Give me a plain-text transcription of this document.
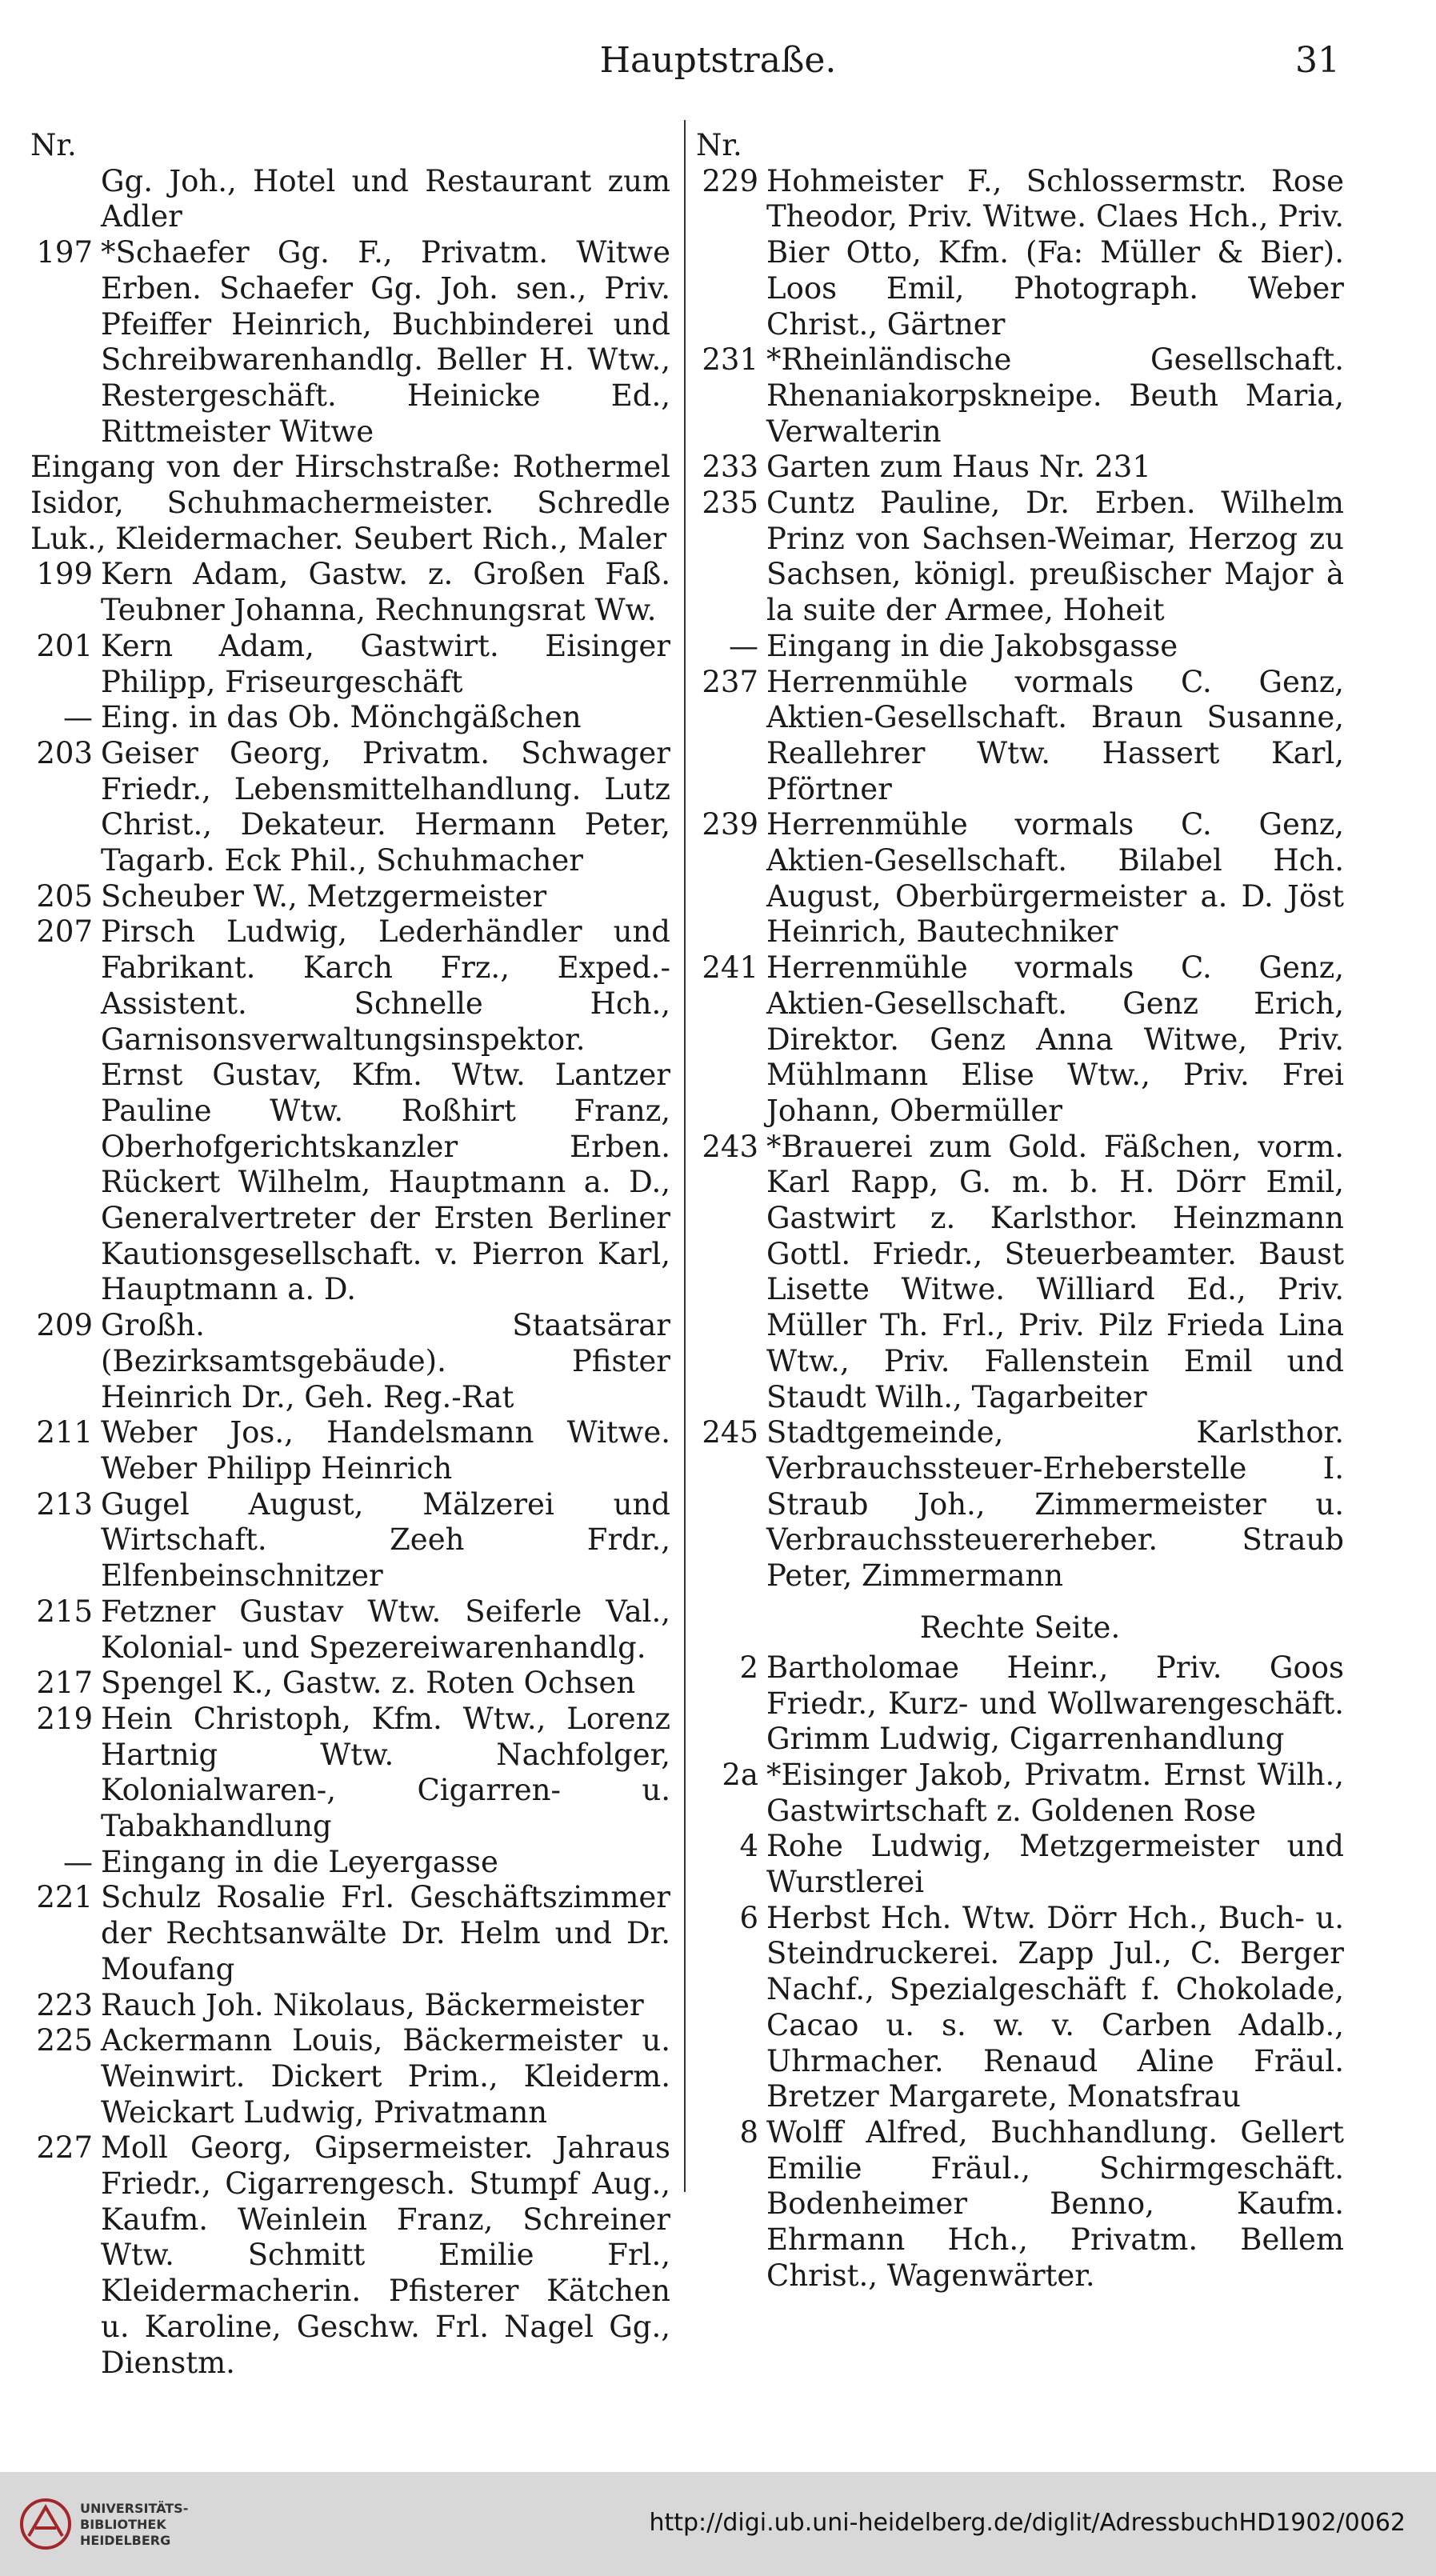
Hauptstraße.	31
Nr.
Gg. Joh., Hotel und Restaurant zum Adler
197 *Schaefer Gg. F., Privatm. Witwe Erben. Schaefer Gg. Joh. sen., Priv. Pfeiffer Heinrich, Buchbinderei und Schreibwarenhandlg. Beller H. Wtw., Restergeschäft. Heinicke Ed., Rittmeister Witwe
Eingang von der Hirschstraße: Rothermel Isidor, Schuhmachermeister. Schredle Luk., Kleidermacher. Seubert Rich., Maler
199 Kern Adam, Gastw. z. Großen Faß. Teubner Johanna, Rechnungsrat Ww.
201 Kern Adam, Gastwirt. Eisinger Philipp, Friseurgeschäft
— Eing. in das Ob. Mönchgäßchen
203 Geiser Georg, Privatm. Schwager Friedr., Lebensmittelhandlung. Lutz Christ., Dekateur. Hermann Peter, Tagarb. Eck Phil., Schuhmacher
205 Scheuber W., Metzgermeister
207 Pirsch Ludwig, Lederhändler und Fabrikant. Karch Frz., Exped.-Assistent. Schnelle Hch., Garnisonsverwaltungsinspektor. Ernst Gustav, Kfm. Wtw. Lantzer Pauline Wtw. Roßhirt Franz, Oberhofgerichtskanzler Erben. Rückert Wilhelm, Hauptmann a. D., Generalvertreter der Ersten Berliner Kautionsgesellschaft. v. Pierron Karl, Hauptmann a. D.
209 Großh. Staatsärar (Bezirksamtsgebäude). Pfister Heinrich Dr., Geh. Reg.-Rat
211 Weber Jos., Handelsmann Witwe. Weber Philipp Heinrich
213 Gugel August, Mälzerei und Wirtschaft. Zeeh Frdr., Elfenbeinschnitzer
215 Fetzner Gustav Wtw. Seiferle Val., Kolonial- und Spezereiwarenhandlg.
217 Spengel K., Gastw. z. Roten Ochsen
219 Hein Christoph, Kfm. Wtw., Lorenz Hartnig Wtw. Nachfolger, Kolonialwaren-, Cigarren- u. Tabakhandlung
— Eingang in die Leyergasse
221 Schulz Rosalie Frl. Geschäftszimmer der Rechtsanwälte Dr. Helm und Dr. Moufang
223 Rauch Joh. Nikolaus, Bäckermeister
225 Ackermann Louis, Bäckermeister u. Weinwirt. Dickert Prim., Kleiderm. Weickart Ludwig, Privatmann
227 Moll Georg, Gipsermeister. Jahraus Friedr., Cigarrengesch. Stumpf Aug., Kaufm. Weinlein Franz, Schreiner Wtw. Schmitt Emilie Frl., Kleidermacherin. Pfisterer Kätchen u. Karoline, Geschw. Frl. Nagel Gg., Dienstm.
Nr.
229 Hohmeister F., Schlossermstr. Rose Theodor, Priv. Witwe. Claes Hch., Priv. Bier Otto, Kfm. (Fa: Müller & Bier). Loos Emil, Photograph. Weber Christ., Gärtner
231 *Rheinländische Gesellschaft. Rhenaniakorpskneipe. Beuth Maria, Verwalterin
233 Garten zum Haus Nr. 231
235 Cuntz Pauline, Dr. Erben. Wilhelm Prinz von Sachsen-Weimar, Herzog zu Sachsen, königl. preußischer Major à la suite der Armee, Hoheit
— Eingang in die Jakobsgasse
237 Herrenmühle vormals C. Genz, Aktien-Gesellschaft. Braun Susanne, Reallehrer Wtw. Hassert Karl, Pförtner
239 Herrenmühle vormals C. Genz, Aktien-Gesellschaft. Bilabel Hch. August, Oberbürgermeister a. D. Jöst Heinrich, Bautechniker
241 Herrenmühle vormals C. Genz, Aktien-Gesellschaft. Genz Erich, Direktor. Genz Anna Witwe, Priv. Mühlmann Elise Wtw., Priv. Frei Johann, Obermüller
243 *Brauerei zum Gold. Fäßchen, vorm. Karl Rapp, G. m. b. H. Dörr Emil, Gastwirt z. Karlsthor. Heinzmann Gottl. Friedr., Steuerbeamter. Baust Lisette Witwe. Williard Ed., Priv. Müller Th. Frl., Priv. Pilz Frieda Lina Wtw., Priv. Fallenstein Emil und Staudt Wilh., Tagarbeiter
245 Stadtgemeinde, Karlsthor. Verbrauchssteuer-Erheberstelle I. Straub Joh., Zimmermeister u. Verbrauchssteuererheber. Straub Peter, Zimmermann
Rechte Seite.
2 Bartholomae Heinr., Priv. Goos Friedr., Kurz- und Wollwarengeschäft. Grimm Ludwig, Cigarrenhandlung
2a *Eisinger Jakob, Privatm. Ernst Wilh., Gastwirtschaft z. Goldenen Rose
4 Rohe Ludwig, Metzgermeister und Wurstlerei
6 Herbst Hch. Wtw. Dörr Hch., Buch- u. Steindruckerei. Zapp Jul., C. Berger Nachf., Spezialgeschäft f. Chokolade, Cacao u. s. w. v. Carben Adalb., Uhrmacher. Renaud Aline Fräul. Bretzer Margarete, Monatsfrau
8 Wolff Alfred, Buchhandlung. Gellert Emilie Fräul., Schirmgeschäft. Bodenheimer Benno, Kaufm. Ehrmann Hch., Privatm. Bellem Christ., Wagenwärter.
UNIVERSITÄTS-
BIBLIOTHEK
HEIDELBERG
http://digi.ub.uni-heidelberg.de/diglit/AdressbuchHD1902/0062
